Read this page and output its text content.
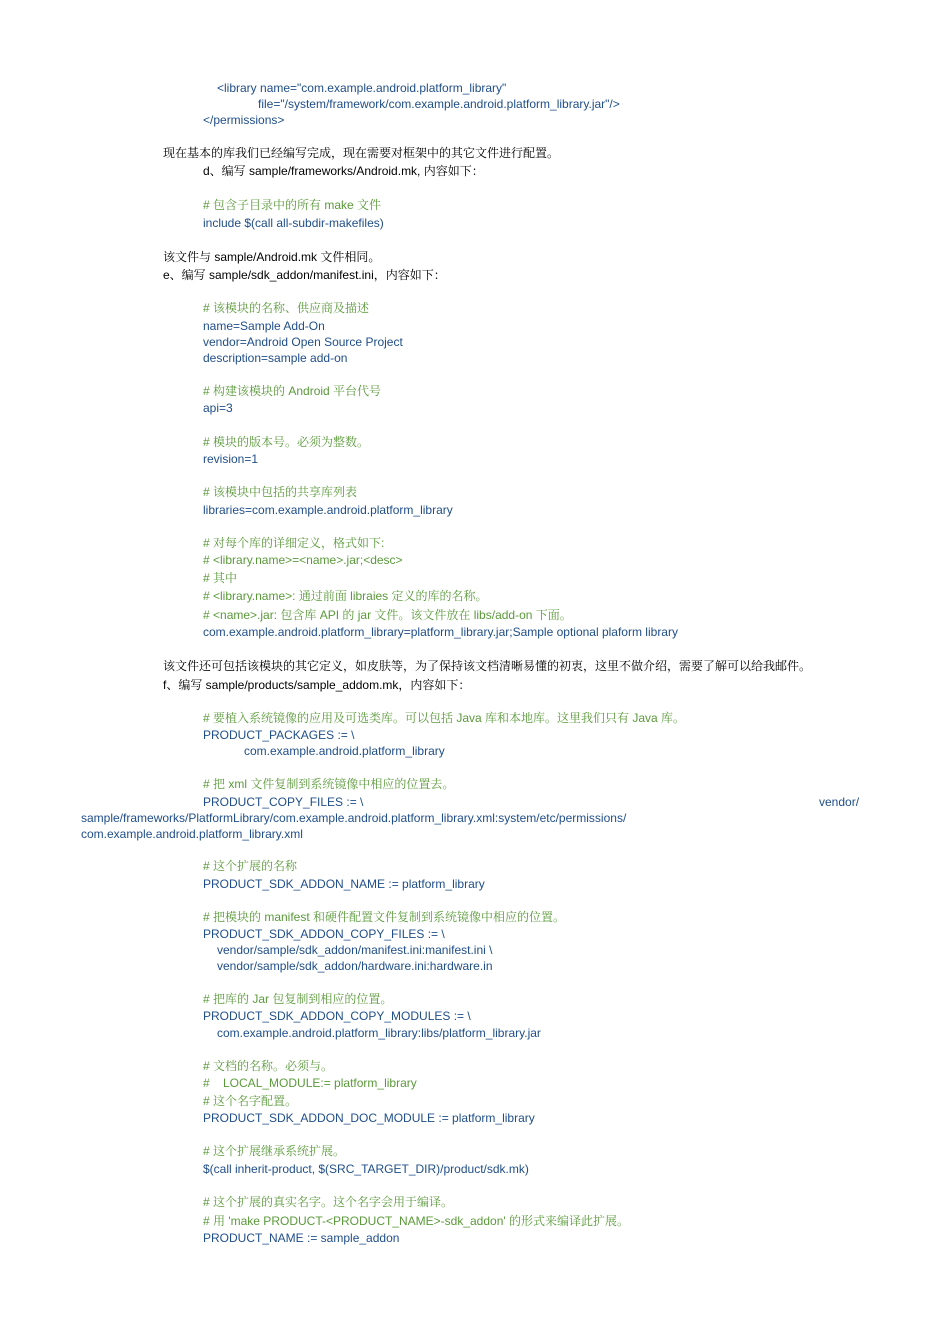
<library name="com.example.android.platform_library"
file="/system/framework/com.example.android.platform_library.jar"/>
</permissions>
现在基本的库我们已经编写完成，现在需要对框架中的其它文件进行配置。
d、编写 sample/frameworks/Android.mk, 内容如下：
# 包含子目录中的所有 make 文件
include $(call all-subdir-makefiles)
该文件与 sample/Android.mk 文件相同。
e、编写 sample/sdk_addon/manifest.ini，内容如下：
# 该模块的名称、供应商及描述
name=Sample Add-On
vendor=Android Open Source Project
description=sample add-on
# 构建该模块的 Android 平台代号
api=3
# 模块的版本号。必须为整数。
revision=1
# 该模块中包括的共享库列表
libraries=com.example.android.platform_library
# 对每个库的详细定义，格式如下:
# <library.name>=<name>.jar;<desc>
# 其中
# <library.name>: 通过前面 libraies 定义的库的名称。
# <name>.jar: 包含库 API 的 jar 文件。该文件放在 libs/add-on 下面。
com.example.android.platform_library=platform_library.jar;Sample optional plaform library
该文件还可包括该模块的其它定义，如皮肤等，为了保持该文档清晰易懂的初衷，这里不做介绍，需要了解可以给我邮件。
f、编写 sample/products/sample_addom.mk，内容如下：
# 要植入系统镜像的应用及可选类库。可以包括 Java 库和本地库。这里我们只有 Java 库。
PRODUCT_PACKAGES := \
com.example.android.platform_library
# 把 xml 文件复制到系统镜像中相应的位置去。
PRODUCT_COPY_FILES := \	vendor/
sample/frameworks/PlatformLibrary/com.example.android.platform_library.xml:system/etc/permissions/
com.example.android.platform_library.xml
# 这个扩展的名称
PRODUCT_SDK_ADDON_NAME := platform_library
# 把模块的 manifest 和硬件配置文件复制到系统镜像中相应的位置。
PRODUCT_SDK_ADDON_COPY_FILES := \
vendor/sample/sdk_addon/manifest.ini:manifest.ini \
vendor/sample/sdk_addon/hardware.ini:hardware.in
# 把库的 Jar 包复制到相应的位置。
PRODUCT_SDK_ADDON_COPY_MODULES := \
com.example.android.platform_library:libs/platform_library.jar
# 文档的名称。必须与。
#    LOCAL_MODULE:= platform_library
# 这个名字配置。
PRODUCT_SDK_ADDON_DOC_MODULE := platform_library
# 这个扩展继承系统扩展。
$(call inherit-product, $(SRC_TARGET_DIR)/product/sdk.mk)
# 这个扩展的真实名字。这个名字会用于编译。
# 用 'make PRODUCT-<PRODUCT_NAME>-sdk_addon' 的形式来编译此扩展。
PRODUCT_NAME := sample_addon
